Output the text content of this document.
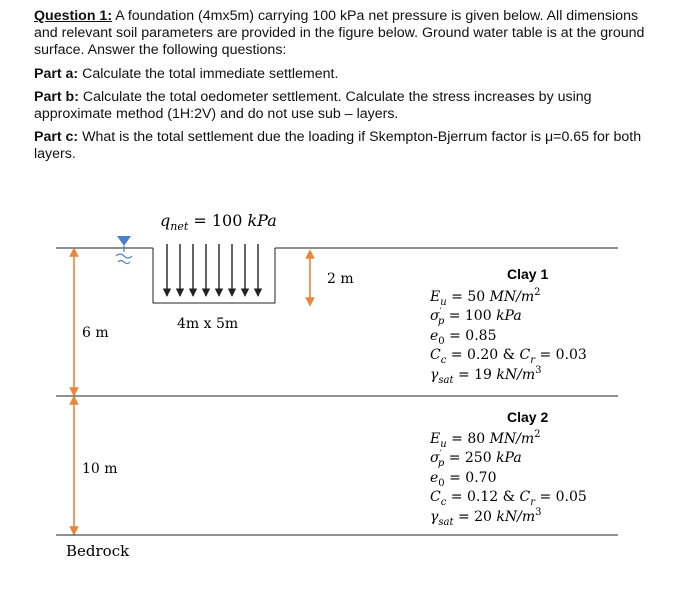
Question 1: A foundation (4mx5m) carrying 100 kPa net pressure is given below. All dimensions and relevant soil parameters are provided in the figure below. Ground water table is at the ground surface. Answer the following questions:
Part a: Calculate the total immediate settlement.
Part b: Calculate the total oedometer settlement. Calculate the stress increases by using approximate method (1H:2V) and do not use sub – layers.
Part c: What is the total settlement due the loading if Skempton-Bjerrum factor is μ=0.65 for both layers.
$q_{net} = 100$ kPa
2 m
4m x 5m
6 m
10 m
Bedrock
Clay 1
$E_u = 50$ $MN/m^2$
σ′ p = 100 kPa
$e_0 = 0.85$
$C_c = 0.20$ & $C_r = 0.03$
$\gamma_{sat} = 19$ $kN/m^3$
Clay 2
$E_u = 80$ $MN/m^2$
σ′ p = 250 kPa
$e_0 = 0.70$
$C_c = 0.12$ & $C_r = 0.05$
$\gamma_{sat} = 20$ $kN/m^3$
